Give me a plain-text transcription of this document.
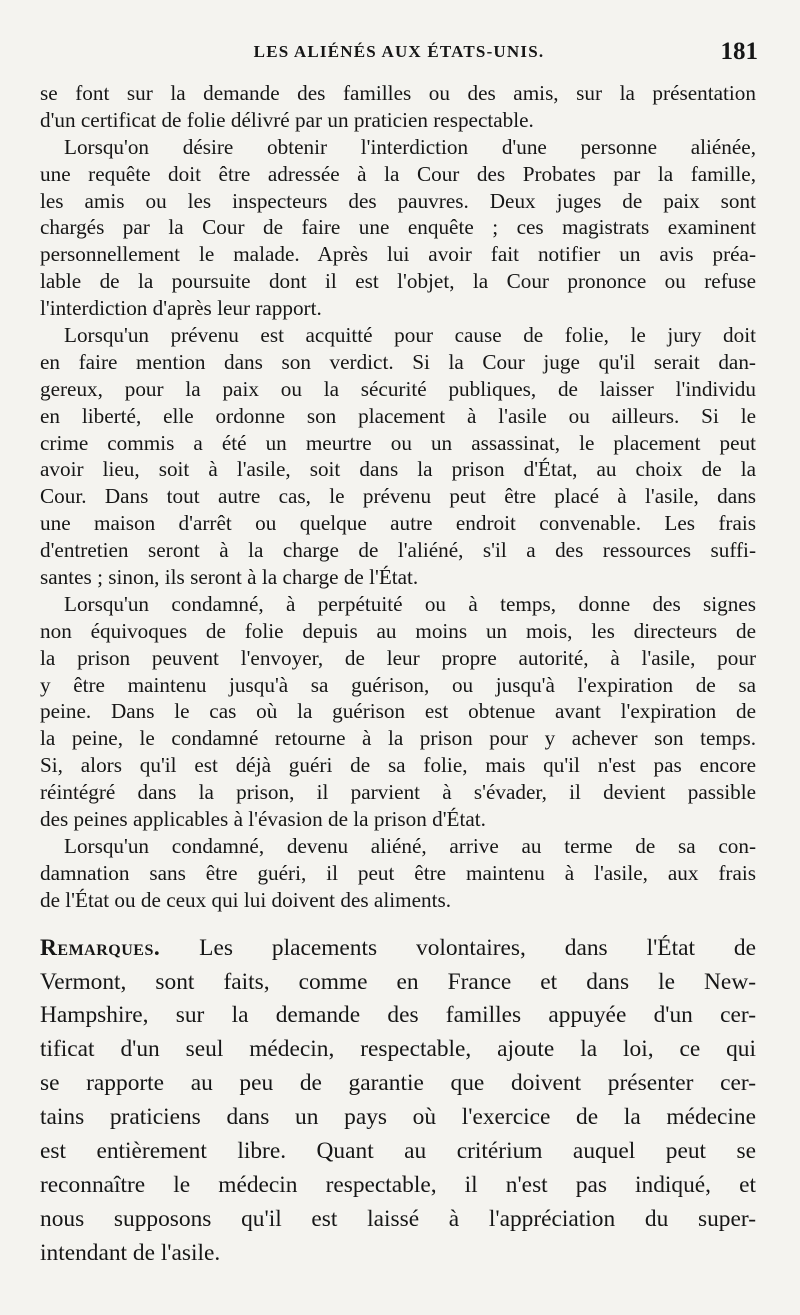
LES ALIÉNÉS AUX ÉTATS-UNIS.	181
se font sur la demande des familles ou des amis, sur la présentation
d'un certificat de folie délivré par un praticien respectable.
Lorsqu'on désire obtenir l'interdiction d'une personne aliénée,
une requête doit être adressée à la Cour des Probates par la famille,
les amis ou les inspecteurs des pauvres. Deux juges de paix sont
chargés par la Cour de faire une enquête ; ces magistrats examinent
personnellement le malade. Après lui avoir fait notifier un avis préa-
lable de la poursuite dont il est l'objet, la Cour prononce ou refuse
l'interdiction d'après leur rapport.
Lorsqu'un prévenu est acquitté pour cause de folie, le jury doit
en faire mention dans son verdict. Si la Cour juge qu'il serait dan-
gereux, pour la paix ou la sécurité publiques, de laisser l'individu
en liberté, elle ordonne son placement à l'asile ou ailleurs. Si le
crime commis a été un meurtre ou un assassinat, le placement peut
avoir lieu, soit à l'asile, soit dans la prison d'État, au choix de la
Cour. Dans tout autre cas, le prévenu peut être placé à l'asile, dans
une maison d'arrêt ou quelque autre endroit convenable. Les frais
d'entretien seront à la charge de l'aliéné, s'il a des ressources suffi-
santes ; sinon, ils seront à la charge de l'État.
Lorsqu'un condamné, à perpétuité ou à temps, donne des signes
non équivoques de folie depuis au moins un mois, les directeurs de
la prison peuvent l'envoyer, de leur propre autorité, à l'asile, pour
y être maintenu jusqu'à sa guérison, ou jusqu'à l'expiration de sa
peine. Dans le cas où la guérison est obtenue avant l'expiration de
la peine, le condamné retourne à la prison pour y achever son temps.
Si, alors qu'il est déjà guéri de sa folie, mais qu'il n'est pas encore
réintégré dans la prison, il parvient à s'évader, il devient passible
des peines applicables à l'évasion de la prison d'État.
Lorsqu'un condamné, devenu aliéné, arrive au terme de sa con-
damnation sans être guéri, il peut être maintenu à l'asile, aux frais
de l'État ou de ceux qui lui doivent des aliments.
Remarques. Les placements volontaires, dans l'État de
Vermont, sont faits, comme en France et dans le New-
Hampshire, sur la demande des familles appuyée d'un cer-
tificat d'un seul médecin, respectable, ajoute la loi, ce qui
se rapporte au peu de garantie que doivent présenter cer-
tains praticiens dans un pays où l'exercice de la médecine
est entièrement libre. Quant au critérium auquel peut se
reconnaître le médecin respectable, il n'est pas indiqué, et
nous supposons qu'il est laissé à l'appréciation du super-
intendant de l'asile.
